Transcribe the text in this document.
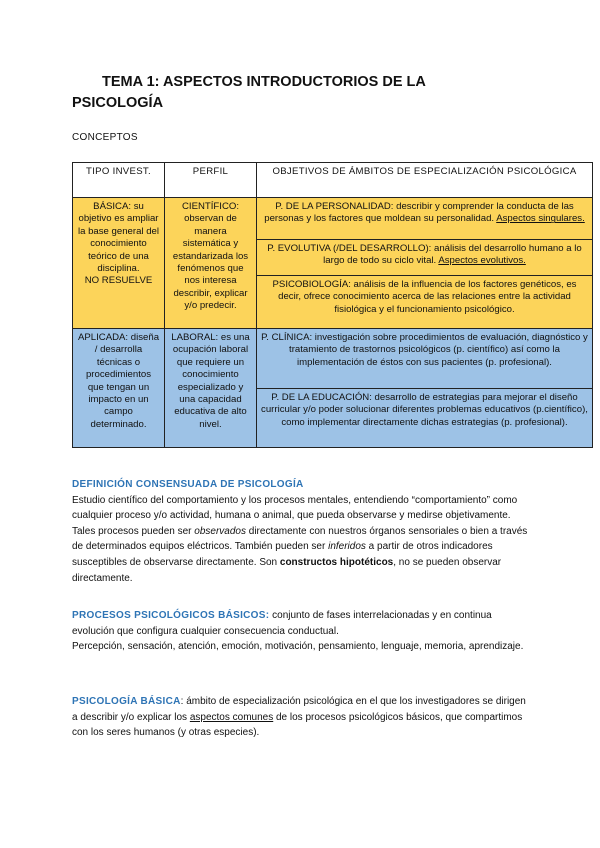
TEMA 1: ASPECTOS INTRODUCTORIOS DE LA PSICOLOGÍA

CONCEPTOS

TIPO INVEST.	PERFIL	OBJETIVOS DE ÁMBITOS DE ESPECIALIZACIÓN PSICOLÓGICA

BÁSICA: su objetivo es ampliar la base general del conocimiento teórico de una disciplina.
NO RESUELVE	CIENTÍFICO: observan de manera sistemática y estandarizada los fenómenos que nos interesa describir, explicar y/o predecir.	P. DE LA PERSONALIDAD: describir y comprender la conducta de las personas y los factores que moldean su personalidad. Aspectos singulares.
		P. EVOLUTIVA (/DEL DESARROLLO): análisis del desarrollo humano a lo largo de todo su ciclo vital. Aspectos evolutivos.
		PSICOBIOLOGÍA: análisis de la influencia de los factores genéticos, es decir, ofrece conocimiento acerca de las relaciones entre la actividad fisiológica y el funcionamiento psicológico.
APLICADA: diseña / desarrolla técnicas o procedimientos que tengan un impacto en un campo determinado.	LABORAL: es una ocupación laboral que requiere un conocimiento especializado y una capacidad educativa de alto nivel.	P. CLÍNICA: investigación sobre procedimientos de evaluación, diagnóstico y tratamiento de trastornos psicológicos (p. científico) así como la implementación de éstos con sus pacientes (p. profesional).
		P. DE LA EDUCACIÓN: desarrollo de estrategias para mejorar el diseño curricular y/o poder solucionar diferentes problemas educativos (p.científico), como implementar directamente dichas estrategias (p. profesional).
DEFINICIÓN CONSENSUADA DE PSICOLOGÍA
Estudio científico del comportamiento y los procesos mentales, entendiendo “comportamiento” como cualquier proceso y/o actividad, humana o animal, que pueda observarse y medirse objetivamente. Tales procesos pueden ser observados directamente con nuestros órganos sensoriales o bien a través de determinados equipos eléctricos. También pueden ser inferidos a partir de otros indicadores susceptibles de observarse directamente. Son constructos hipotéticos, no se pueden observar directamente.
PROCESOS PSICOLÓGICOS BÁSICOS: conjunto de fases interrelacionadas y en continua evolución que configura cualquier consecuencia conductual.
Percepción, sensación, atención, emoción, motivación, pensamiento, lenguaje, memoria, aprendizaje.
PSICOLOGÍA BÁSICA: ámbito de especialización psicológica en el que los investigadores se dirigen a describir y/o explicar los aspectos comunes de los procesos psicológicos básicos, que compartimos con los seres humanos (y otras especies).
